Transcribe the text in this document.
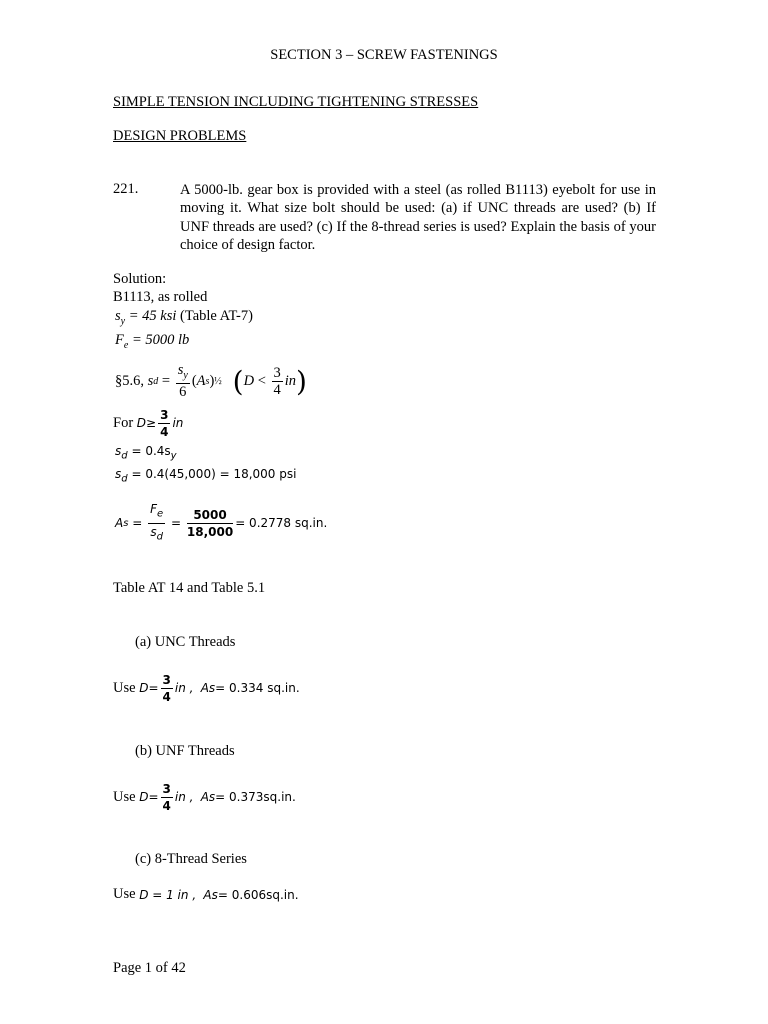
SECTION 3 – SCREW FASTENINGS
SIMPLE TENSION INCLUDING TIGHTENING STRESSES
DESIGN PROBLEMS
221.	A 5000-lb. gear box is provided with a steel (as rolled B1113) eyebolt for use in moving it. What size bolt should be used: (a) if UNC threads are used? (b) If UNF threads are used? (c) If the 8-thread series is used? Explain the basis of your choice of design factor.
Solution:
B1113, as rolled
$s_y = 45$ ksi (Table AT-7)
$F_e = 5000$ lb
§5.6,
s $d = \frac{s_y}{6}$ ( A s ) ½
( $D < \frac{3}{4}$ in )
For
$D \ge \frac{3}{4}$ in
$s_d = 0.4s_y$
$s_d = 0.4(45,000) = 18,000$ psi
A $s = \frac{F_e}{s_d} = \frac{5000}{18,000} = 0.2778$ sq.in.
Table AT 14 and Table 5.1
(a) UNC Threads
Use
$D = \frac{3}{4}$ in ,
A s = 0.334 sq.in.
(b) UNF Threads
Use
$D = \frac{3}{4}$ in ,
A s = 0.373sq.in.
(c) 8-Thread Series
Use
D = 1 in ,
A s = 0.606sq.in.
Page 1 of 42
